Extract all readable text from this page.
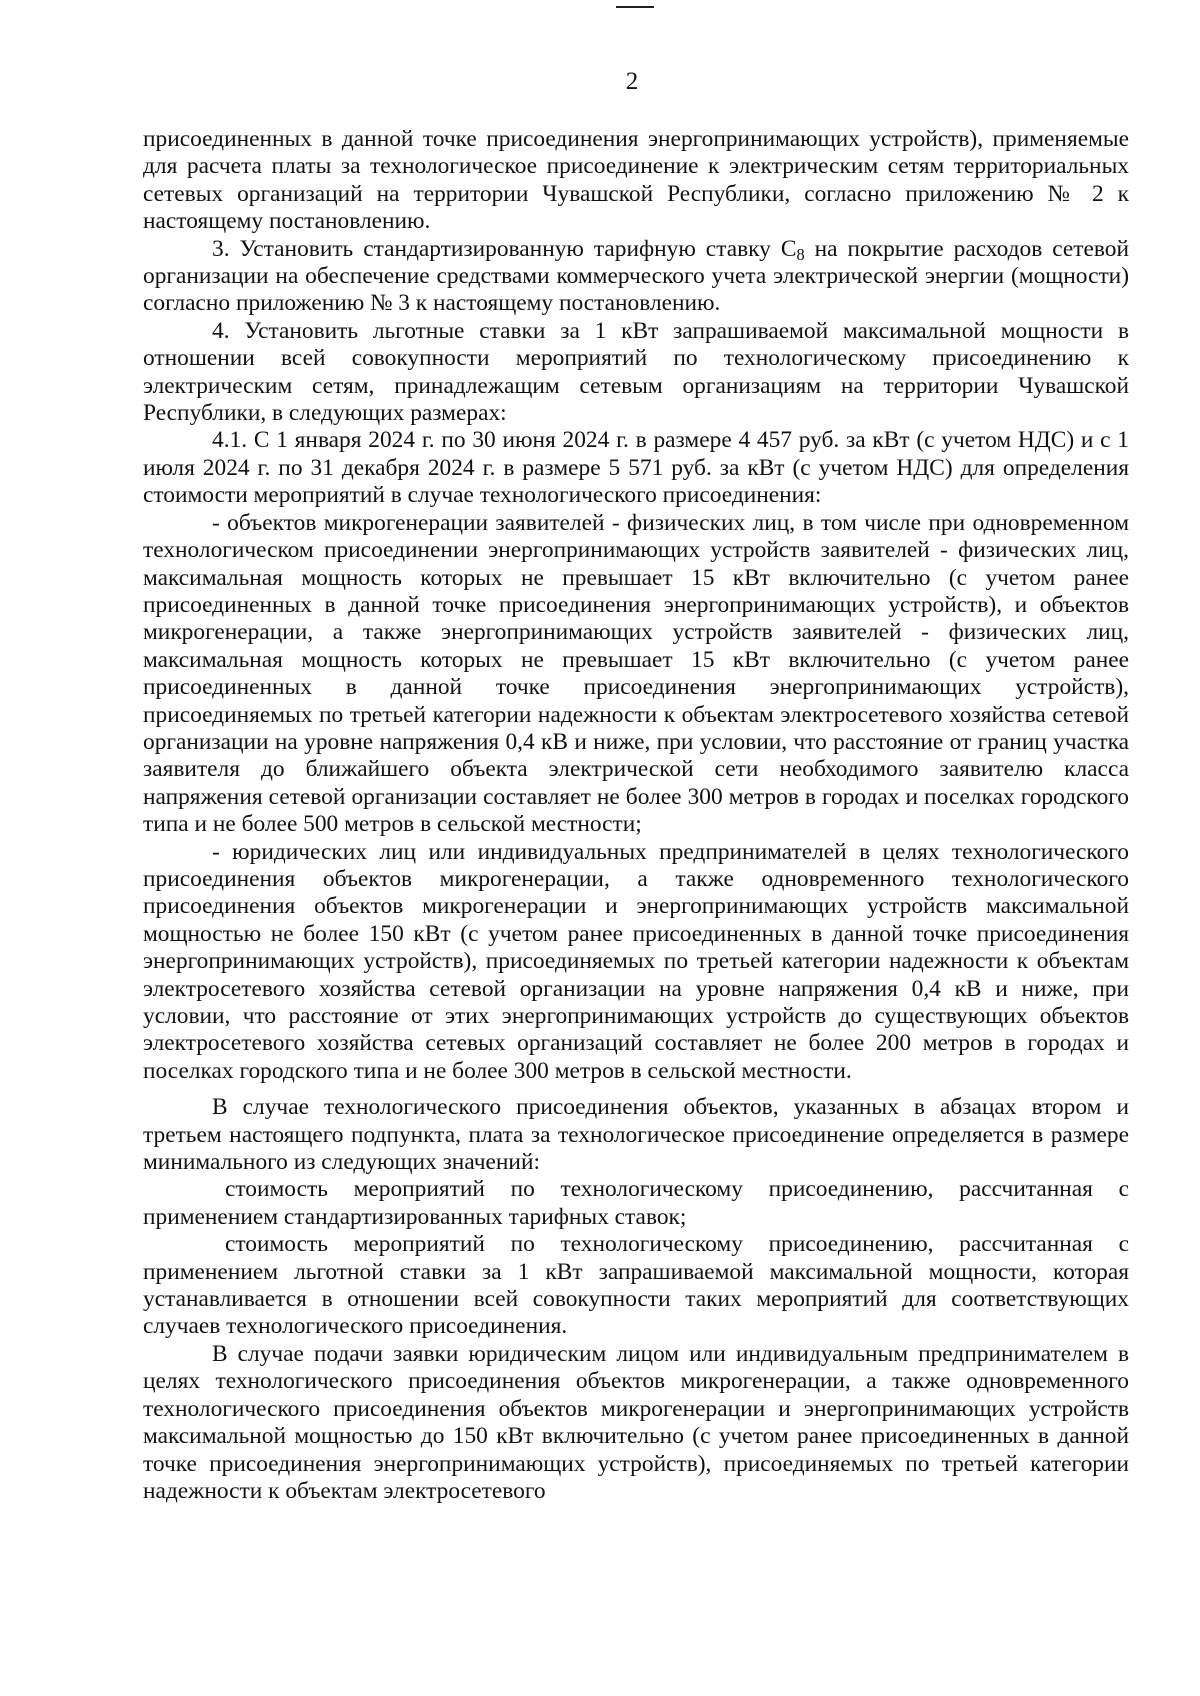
2

присоединенных в данной точке присоединения энергопринимающих устройств), применяемые для расчета платы за технологическое присоединение к электрическим сетям территориальных сетевых организаций на территории Чувашской Республики, согласно приложению № 2 к настоящему постановлению.

3. Установить стандартизированную тарифную ставку $С_8$ на покрытие расходов сетевой организации на обеспечение средствами коммерческого учета электрической энергии (мощности) согласно приложению № 3 к настоящему постановлению.

4. Установить льготные ставки за 1 кВт запрашиваемой максимальной мощности в отношении всей совокупности мероприятий по технологическому присоединению к электрическим сетям, принадлежащим сетевым организациям на территории Чувашской Республики, в следующих размерах:

4.1. С 1 января 2024 г. по 30 июня 2024 г. в размере 4 457 руб. за кВт (с учетом НДС) и с 1 июля 2024 г. по 31 декабря 2024 г. в размере 5 571 руб. за кВт (с учетом НДС) для определения стоимости мероприятий в случае технологического присоединения:

- объектов микрогенерации заявителей - физических лиц, в том числе при одновременном технологическом присоединении энергопринимающих устройств заявителей - физических лиц, максимальная мощность которых не превышает 15 кВт включительно (с учетом ранее присоединенных в данной точке присоединения энергопринимающих устройств), и объектов микрогенерации, а также энергопринимающих устройств заявителей - физических лиц, максимальная мощность которых не превышает 15 кВт включительно (с учетом ранее присоединенных в данной точке присоединения энергопринимающих устройств), присоединяемых по третьей категории надежности к объектам электросетевого хозяйства сетевой организации на уровне напряжения 0,4 кВ и ниже, при условии, что расстояние от границ участка заявителя до ближайшего объекта электрической сети необходимого заявителю класса напряжения сетевой организации составляет не более 300 метров в городах и поселках городского типа и не более 500 метров в сельской местности;

- юридических лиц или индивидуальных предпринимателей в целях технологического присоединения объектов микрогенерации, а также одновременного технологического присоединения объектов микрогенерации и энергопринимающих устройств максимальной мощностью не более 150 кВт (с учетом ранее присоединенных в данной точке присоединения энергопринимающих устройств), присоединяемых по третьей категории надежности к объектам электросетевого хозяйства сетевой организации на уровне напряжения 0,4 кВ и ниже, при условии, что расстояние от этих энергопринимающих устройств до существующих объектов электросетевого хозяйства сетевых организаций составляет не более 200 метров в городах и поселках городского типа и не более 300 метров в сельской местности.

В случае технологического присоединения объектов, указанных в абзацах втором и третьем настоящего подпункта, плата за технологическое присоединение определяется в размере минимального из следующих значений:

стоимость мероприятий по технологическому присоединению, рассчитанная с применением стандартизированных тарифных ставок;

стоимость мероприятий по технологическому присоединению, рассчитанная с применением льготной ставки за 1 кВт запрашиваемой максимальной мощности, которая устанавливается в отношении всей совокупности таких мероприятий для соответствующих случаев технологического присоединения.

В случае подачи заявки юридическим лицом или индивидуальным предпринимателем в целях технологического присоединения объектов микрогенерации, а также одновременного технологического присоединения объектов микрогенерации и энергопринимающих устройств максимальной мощностью до 150 кВт включительно (с учетом ранее присоединенных в данной точке присоединения энергопринимающих устройств), присоединяемых по третьей категории надежности к объектам электросетевого
